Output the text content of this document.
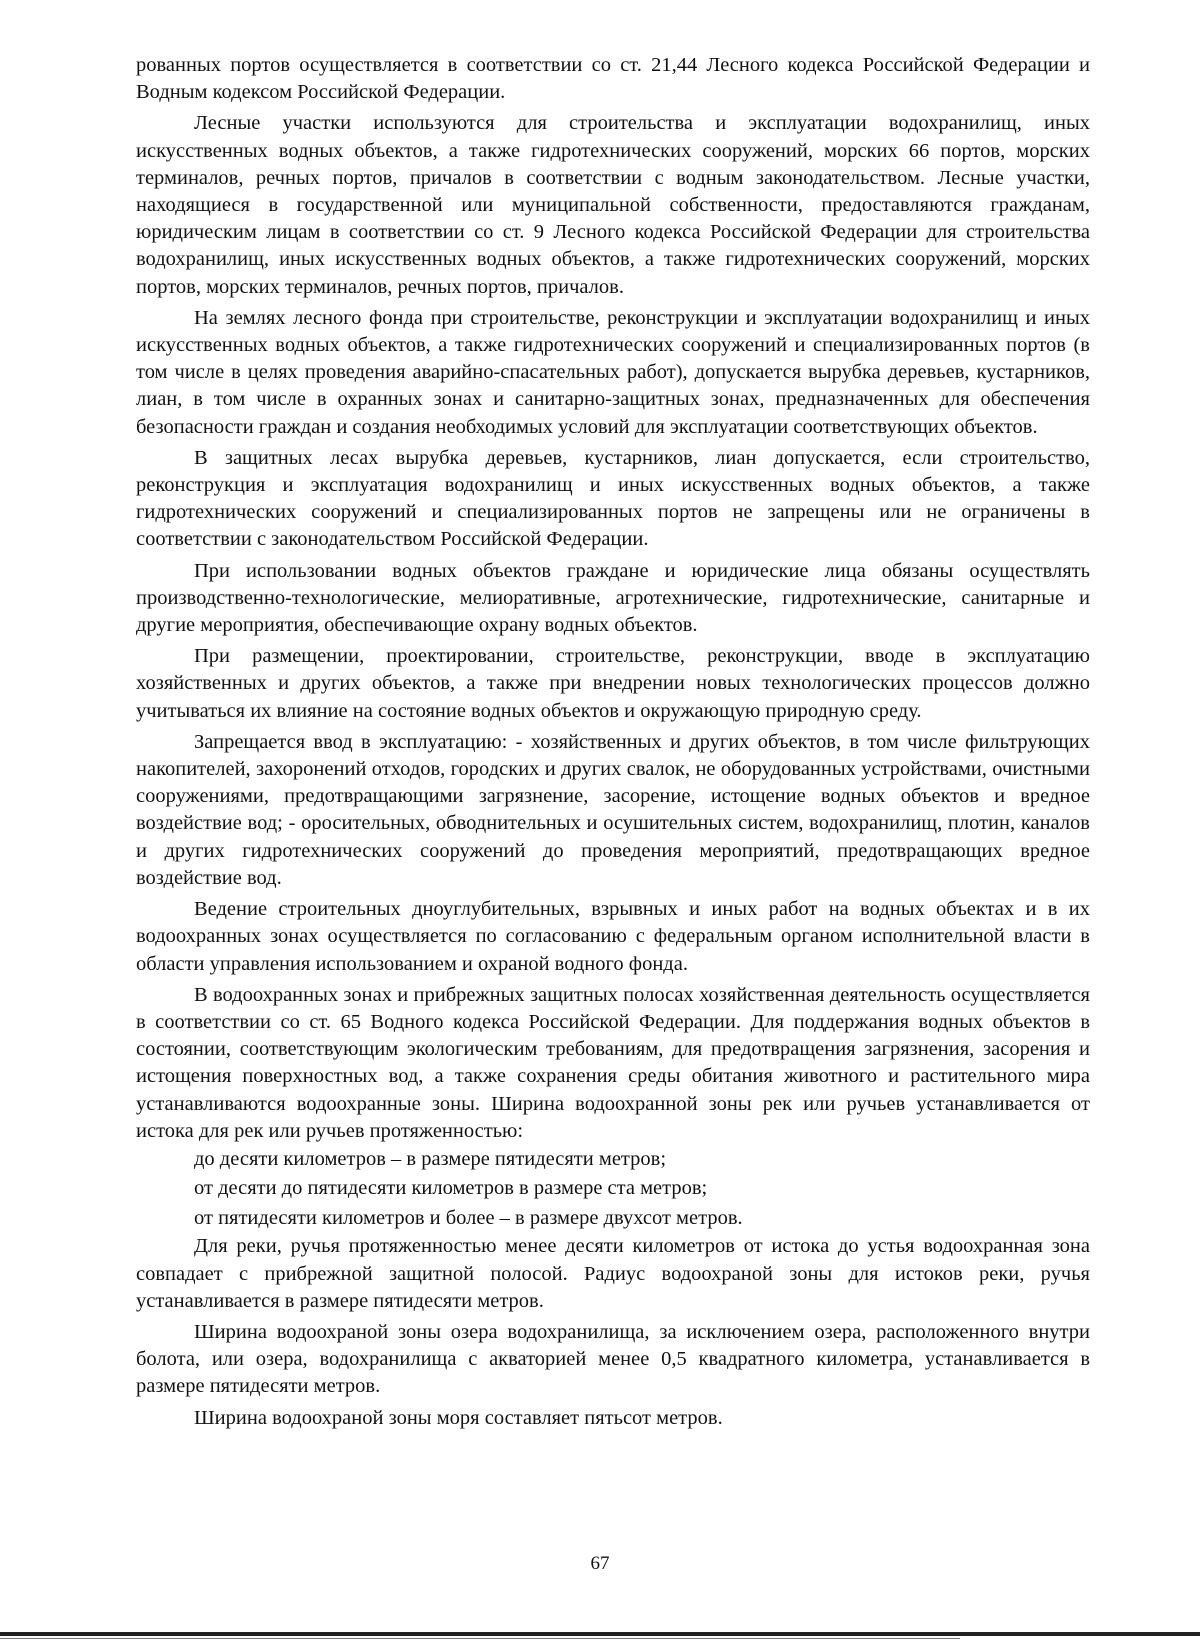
рованных портов осуществляется в соответствии со ст. 21,44 Лесного кодекса Российской Федерации и Водным кодексом Российской Федерации.

Лесные участки используются для строительства и эксплуатации водохранилищ, иных искусственных водных объектов, а также гидротехнических сооружений, морских 66 портов, морских терминалов, речных портов, причалов в соответствии с водным законодательством. Лесные участки, находящиеся в государственной или муниципальной собственности, предоставляются гражданам, юридическим лицам в соответствии со ст. 9 Лесного кодекса Российской Федерации для строительства водохранилищ, иных искусственных водных объектов, а также гидротехнических сооружений, морских портов, морских терминалов, речных портов, причалов.

На землях лесного фонда при строительстве, реконструкции и эксплуатации водохранилищ и иных искусственных водных объектов, а также гидротехнических сооружений и специализированных портов (в том числе в целях проведения аварийно-спасательных работ), допускается вырубка деревьев, кустарников, лиан, в том числе в охранных зонах и санитарно-защитных зонах, предназначенных для обеспечения безопасности граждан и создания необходимых условий для эксплуатации соответствующих объектов.

В защитных лесах вырубка деревьев, кустарников, лиан допускается, если строительство, реконструкция и эксплуатация водохранилищ и иных искусственных водных объектов, а также гидротехнических сооружений и специализированных портов не запрещены или не ограничены в соответствии с законодательством Российской Федерации.

При использовании водных объектов граждане и юридические лица обязаны осуществлять производственно-технологические, мелиоративные, агротехнические, гидротехнические, санитарные и другие мероприятия, обеспечивающие охрану водных объектов.

При размещении, проектировании, строительстве, реконструкции, вводе в эксплуатацию хозяйственных и других объектов, а также при внедрении новых технологических процессов должно учитываться их влияние на состояние водных объектов и окружающую природную среду.

Запрещается ввод в эксплуатацию: - хозяйственных и других объектов, в том числе фильтрующих накопителей, захоронений отходов, городских и других свалок, не оборудованных устройствами, очистными сооружениями, предотвращающими загрязнение, засорение, истощение водных объектов и вредное воздействие вод; - оросительных, обводнительных и осушительных систем, водохранилищ, плотин, каналов и других гидротехнических сооружений до проведения мероприятий, предотвращающих вредное воздействие вод.

Ведение строительных дноуглубительных, взрывных и иных работ на водных объектах и в их водоохранных зонах осуществляется по согласованию с федеральным органом исполнительной власти в области управления использованием и охраной водного фонда.

В водоохранных зонах и прибрежных защитных полосах хозяйственная деятельность осуществляется в соответствии со ст. 65 Водного кодекса Российской Федерации. Для поддержания водных объектов в состоянии, соответствующим экологическим требованиям, для предотвращения загрязнения, засорения и истощения поверхностных вод, а также сохранения среды обитания животного и растительного мира устанавливаются водоохранные зоны. Ширина водоохранной зоны рек или ручьев устанавливается от истока для рек или ручьев протяженностью:

до десяти километров – в размере пятидесяти метров;

от десяти до пятидесяти километров в размере ста метров;

от пятидесяти километров и более – в размере двухсот метров.

Для реки, ручья протяженностью менее десяти километров от истока до устья водоохранная зона совпадает с прибрежной защитной полосой. Радиус водоохраной зоны для истоков реки, ручья устанавливается в размере пятидесяти метров.

Ширина водоохраной зоны озера водохранилища, за исключением озера, расположенного внутри болота, или озера, водохранилища с акваторией менее 0,5 квадратного километра, устанавливается в размере пятидесяти метров.

Ширина водоохраной зоны моря составляет пятьсот метров.

67
